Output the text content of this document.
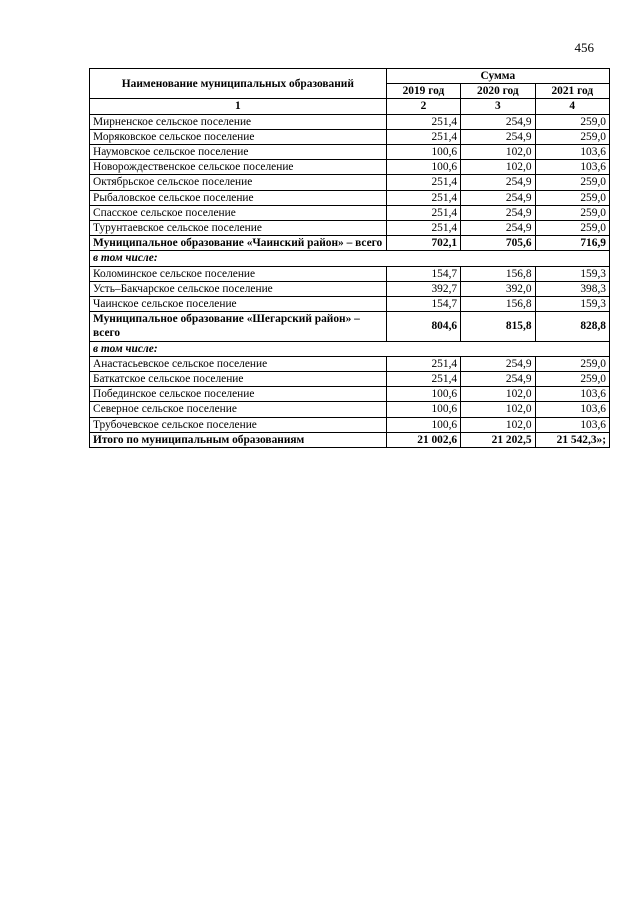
456
Наименование муниципальных образований	Сумма		
	2019 год	2020 год	2021 год
1	2	3	4
Мирненское сельское поселение	251,4	254,9	259,0
Моряковское сельское поселение	251,4	254,9	259,0
Наумовское сельское поселение	100,6	102,0	103,6
Новорождественское сельское поселение	100,6	102,0	103,6
Октябрьское сельское поселение	251,4	254,9	259,0
Рыбаловское сельское поселение	251,4	254,9	259,0
Спасское сельское поселение	251,4	254,9	259,0
Турунтаевское сельское поселение	251,4	254,9	259,0
Муниципальное образование «Чаинский район» – всего	702,1	705,6	716,9
в том числе:			
Коломинское сельское поселение	154,7	156,8	159,3
Усть–Бакчарское сельское поселение	392,7	392,0	398,3
Чаинское сельское поселение	154,7	156,8	159,3
Муниципальное образование «Шегарский район» – всего	804,6	815,8	828,8
в том числе:			
Анастасьевское сельское поселение	251,4	254,9	259,0
Баткатское сельское поселение	251,4	254,9	259,0
Побединское сельское поселение	100,6	102,0	103,6
Северное сельское поселение	100,6	102,0	103,6
Трубочевское сельское поселение	100,6	102,0	103,6
Итого по муниципальным образованиям	21 002,6	21 202,5	21 542,3»;
